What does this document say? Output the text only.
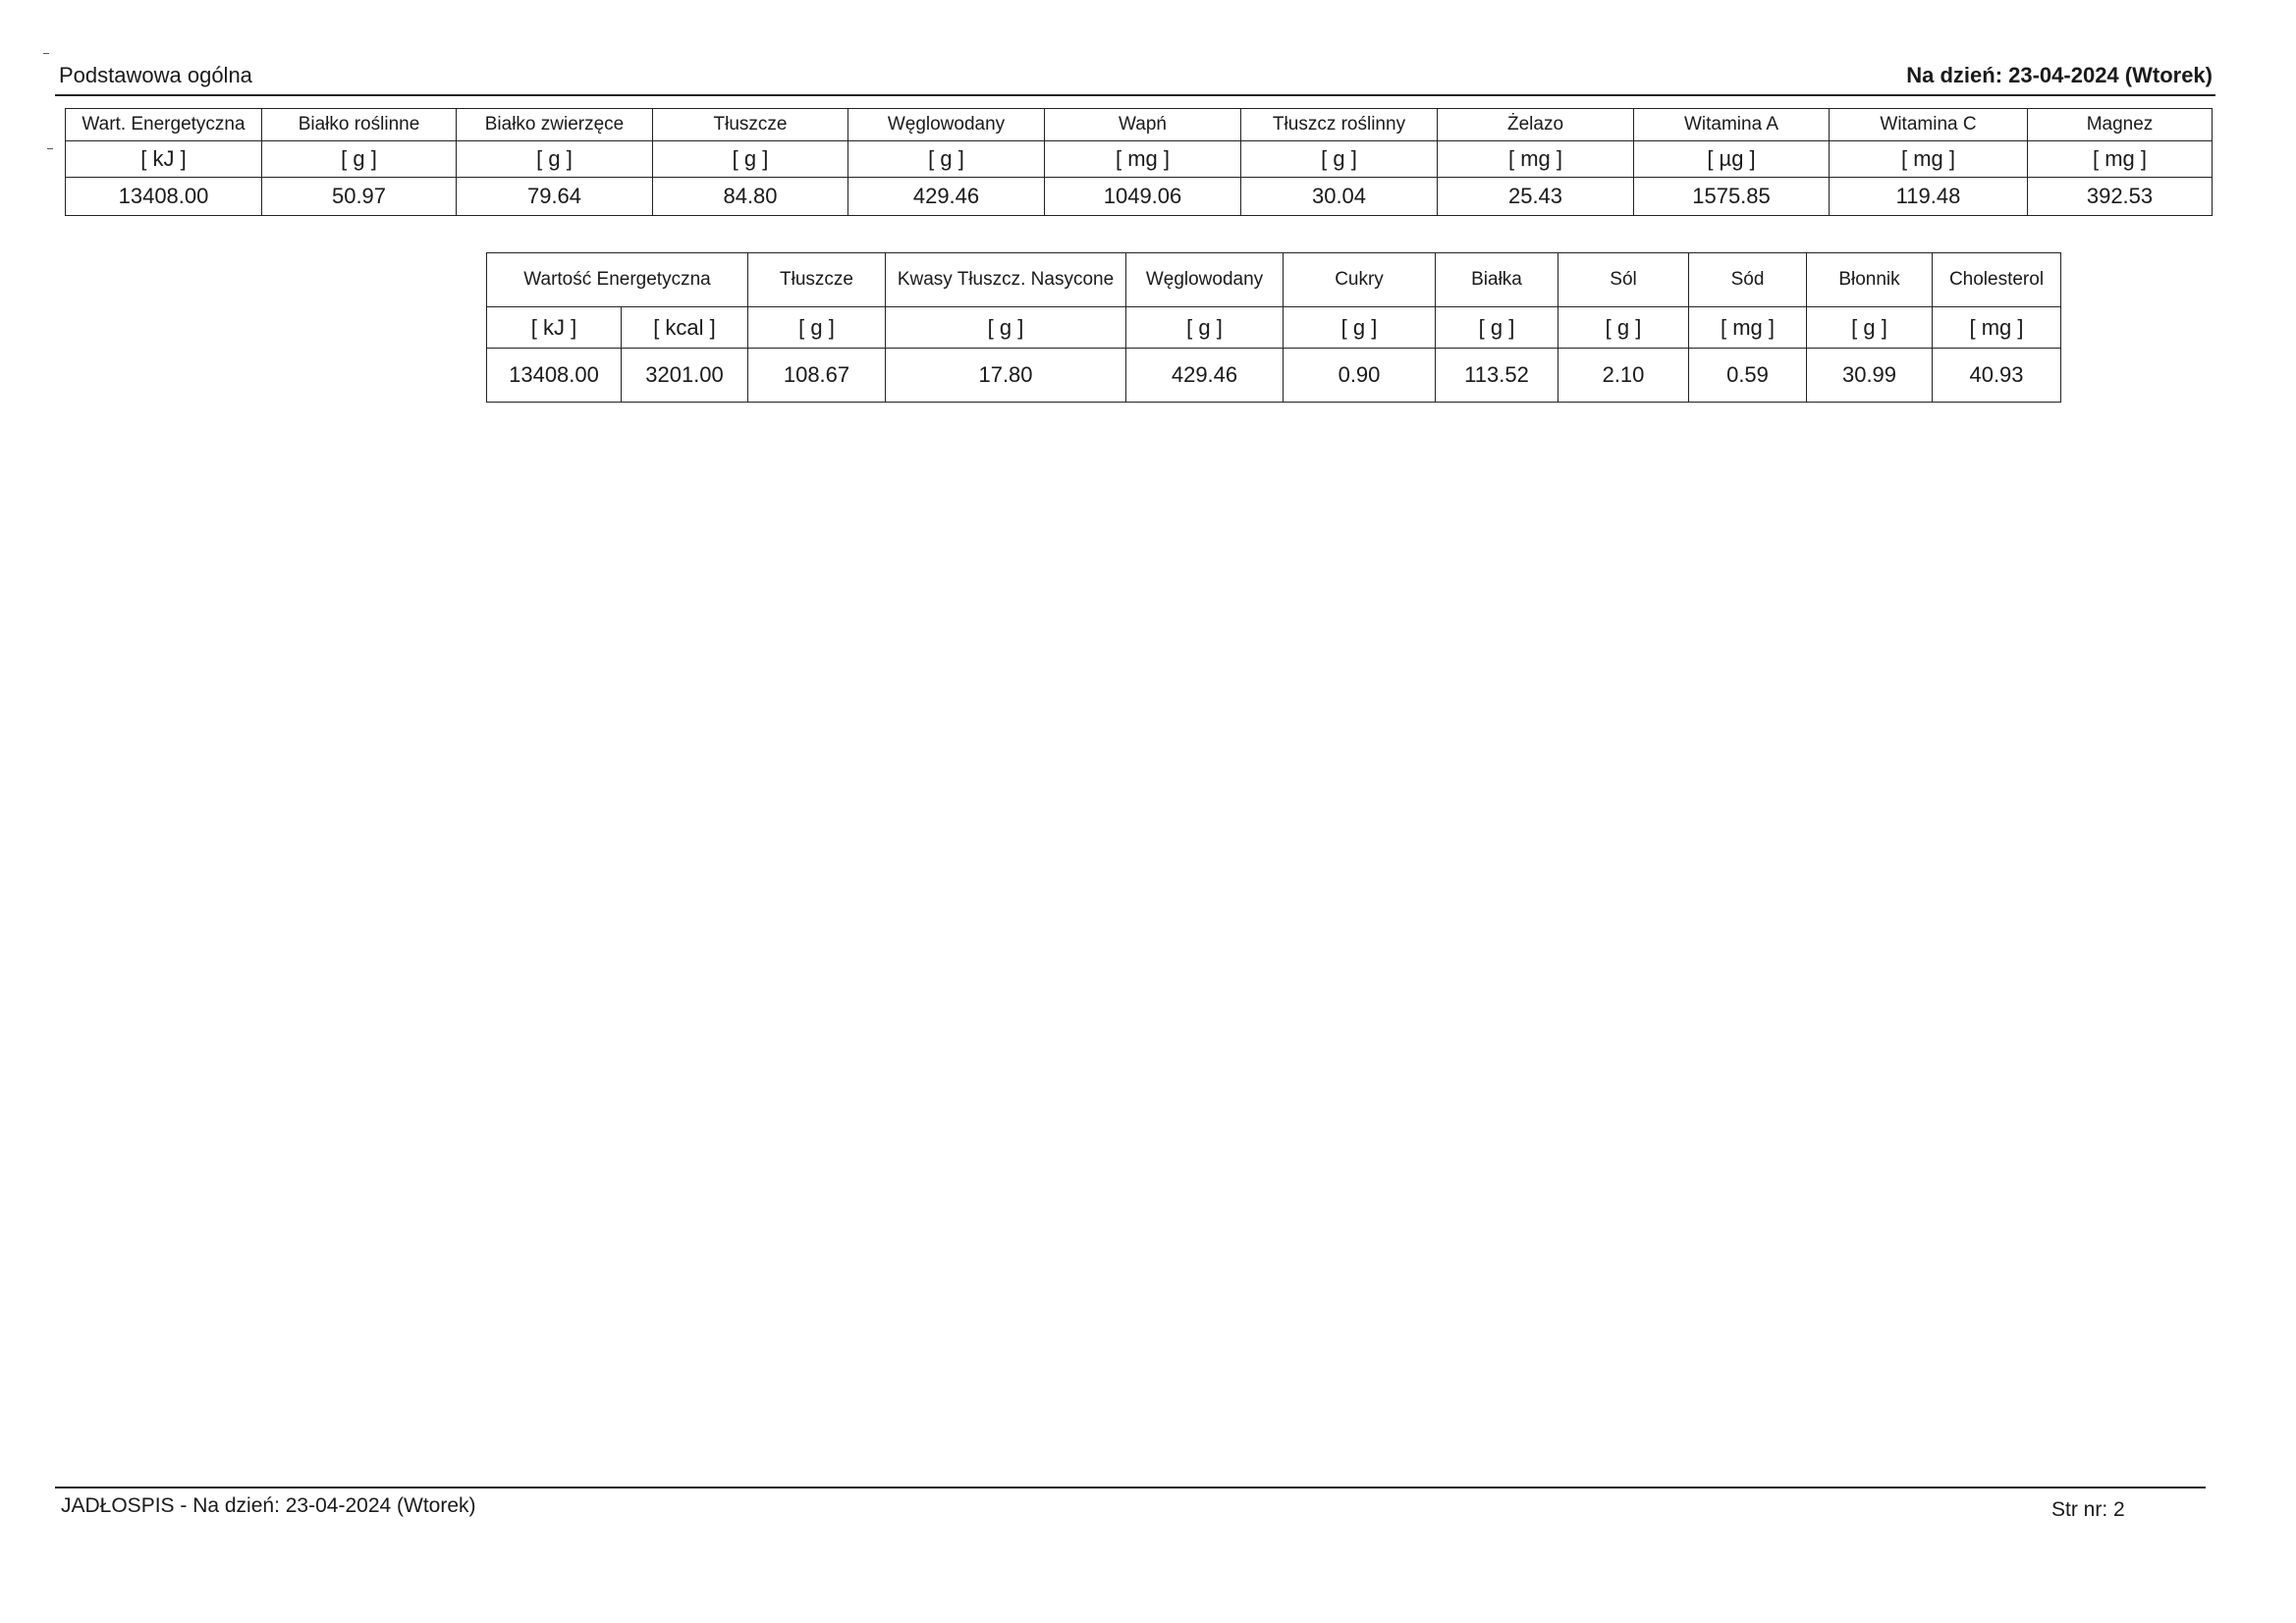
Podstawowa ogólna	Na dzień: 23-04-2024 (Wtorek)
Wart. Energetyczna	Białko roślinne	Białko zwierzęce	Tłuszcze	Węglowodany	Wapń	Tłuszcz roślinny	Żelazo	Witamina A	Witamina C	Magnez
[ kJ ]	[ g ]	[ g ]	[ g ]	[ g ]	[ mg ]	[ g ]	[ mg ]	[ µg ]	[ mg ]	[ mg ]
13408.00	50.97	79.64	84.80	429.46	1049.06	30.04	25.43	1575.85	119.48	392.53
Wartość Energetyczna		Tłuszcze	Kwasy Tłuszcz. Nasycone	Węglowodany	Cukry	Białka	Sól	Sód	Błonnik	Cholesterol
[ kJ ]	[ kcal ]	[ g ]	[ g ]	[ g ]	[ g ]	[ g ]	[ g ]	[ mg ]	[ g ]	[ mg ]
13408.00	3201.00	108.67	17.80	429.46	0.90	113.52	2.10	0.59	30.99	40.93
JADŁOSPIS - Na dzień: 23-04-2024 (Wtorek)	Str nr: 2
